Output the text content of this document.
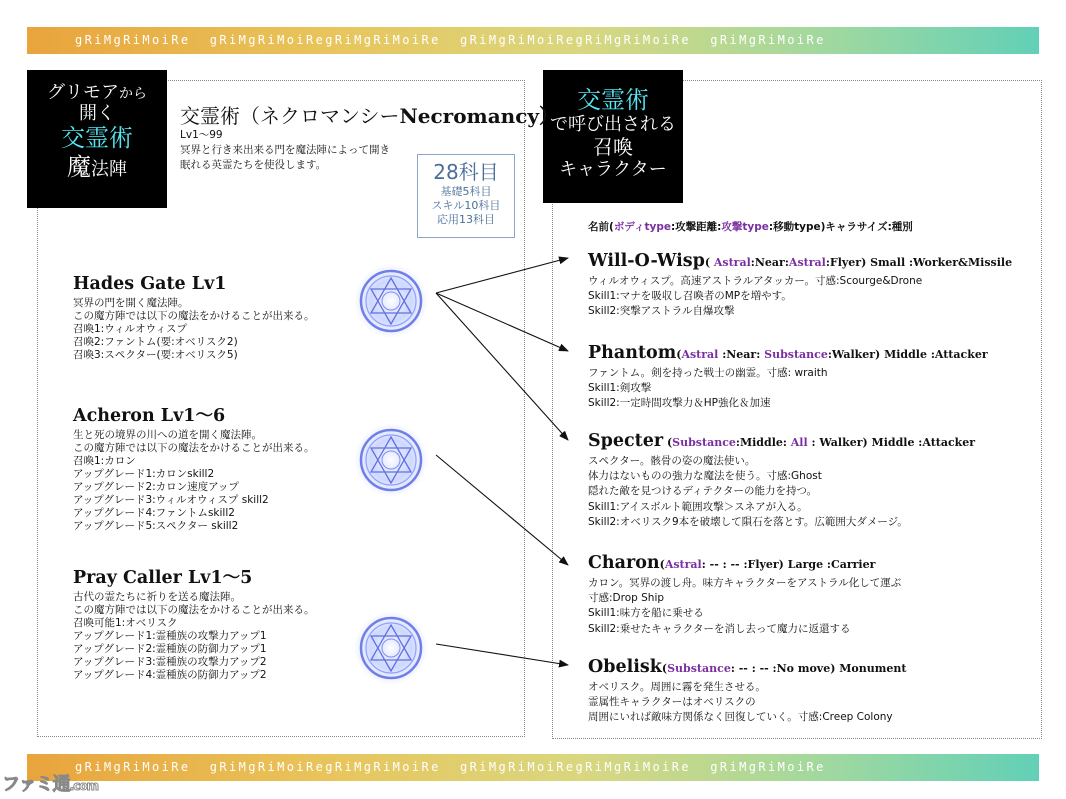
gRiMgRiMoiRe  gRiMgRiMoiRegRiMgRiMoiRe  gRiMgRiMoiRegRiMgRiMoiRe  gRiMgRiMoiRe
グリモアから
開く
交霊術
魔法陣
交霊術
で呼び出される
召喚
キャラクター
交霊術（ネクロマンシーNecromancy）
Lv1～99
冥界と行き来出来る門を魔法陣によって開き
眠れる英霊たちを使役します。	28科目
基礎5科目
スキル10科目
応用13科目
Hades Gate Lv1
冥界の門を開く魔法陣。
この魔方陣では以下の魔法をかけることが出来る。
召喚1:ウィルオウィスプ
召喚2:ファントム(要:オベリスク2)
召喚3:スペクター(要:オベリスク5)
Acheron Lv1～6
生と死の境界の川への道を開く魔法陣。
この魔方陣では以下の魔法をかけることが出来る。
召喚1:カロン
アップグレード1:カロンskill2
アップグレード2:カロン速度アップ
アップグレード3:ウィルオウィスプ skill2
アップグレード4:ファントムskill2
アップグレード5:スペクター skill2
Pray Caller Lv1～5
古代の霊たちに祈りを送る魔法陣。
この魔方陣では以下の魔法をかけることが出来る。
召喚可能1:オベリスク
アップグレード1:霊種族の攻撃力アップ1
アップグレード2:霊種族の防御力アップ1
アップグレード3:霊種族の攻撃力アップ2
アップグレード4:霊種族の防御力アップ2
名前(ボディtype:攻撃距離:攻撃type:移動type)キャラサイズ:種別
Will-O-Wisp( Astral:Near:Astral:Flyer) Small :Worker&Missile
ウィルオウィスプ。高速アストラルアタッカー。寸感:Scourge&Drone
Skill1:マナを吸収し召喚者のMPを増やす。
Skill2:突撃アストラル自爆攻撃
Phantom(Astral :Near: Substance:Walker) Middle :Attacker
ファントム。剣を持った戦士の幽霊。寸感: wraith
Skill1:剣攻撃
Skill2:一定時間攻撃力＆HP強化＆加速
Specter (Substance:Middle: All : Walker) Middle :Attacker
スペクター。骸骨の姿の魔法使い。
体力はないものの強力な魔法を使う。寸感:Ghost
隠れた敵を見つけるディテクターの能力を持つ。
Skill1:アイスボルト範囲攻撃＞スネアが入る。
Skill2:オベリスク9本を破壊して隕石を落とす。広範囲大ダメージ。
Charon(Astral: -- : -- :Flyer) Large :Carrier
カロン。冥界の渡し舟。味方キャラクターをアストラル化して運ぶ
寸感:Drop Ship
Skill1:味方を船に乗せる
Skill2:乗せたキャラクターを消し去って魔力に返還する
Obelisk(Substance: -- : -- :No move) Monument
オベリスク。周囲に霧を発生させる。
霊属性キャラクターはオベリスクの
周囲にいれば敵味方関係なく回復していく。寸感:Creep Colony
gRiMgRiMoiRe  gRiMgRiMoiRegRiMgRiMoiRe  gRiMgRiMoiRegRiMgRiMoiRe  gRiMgRiMoiRe
ファミ通.com
